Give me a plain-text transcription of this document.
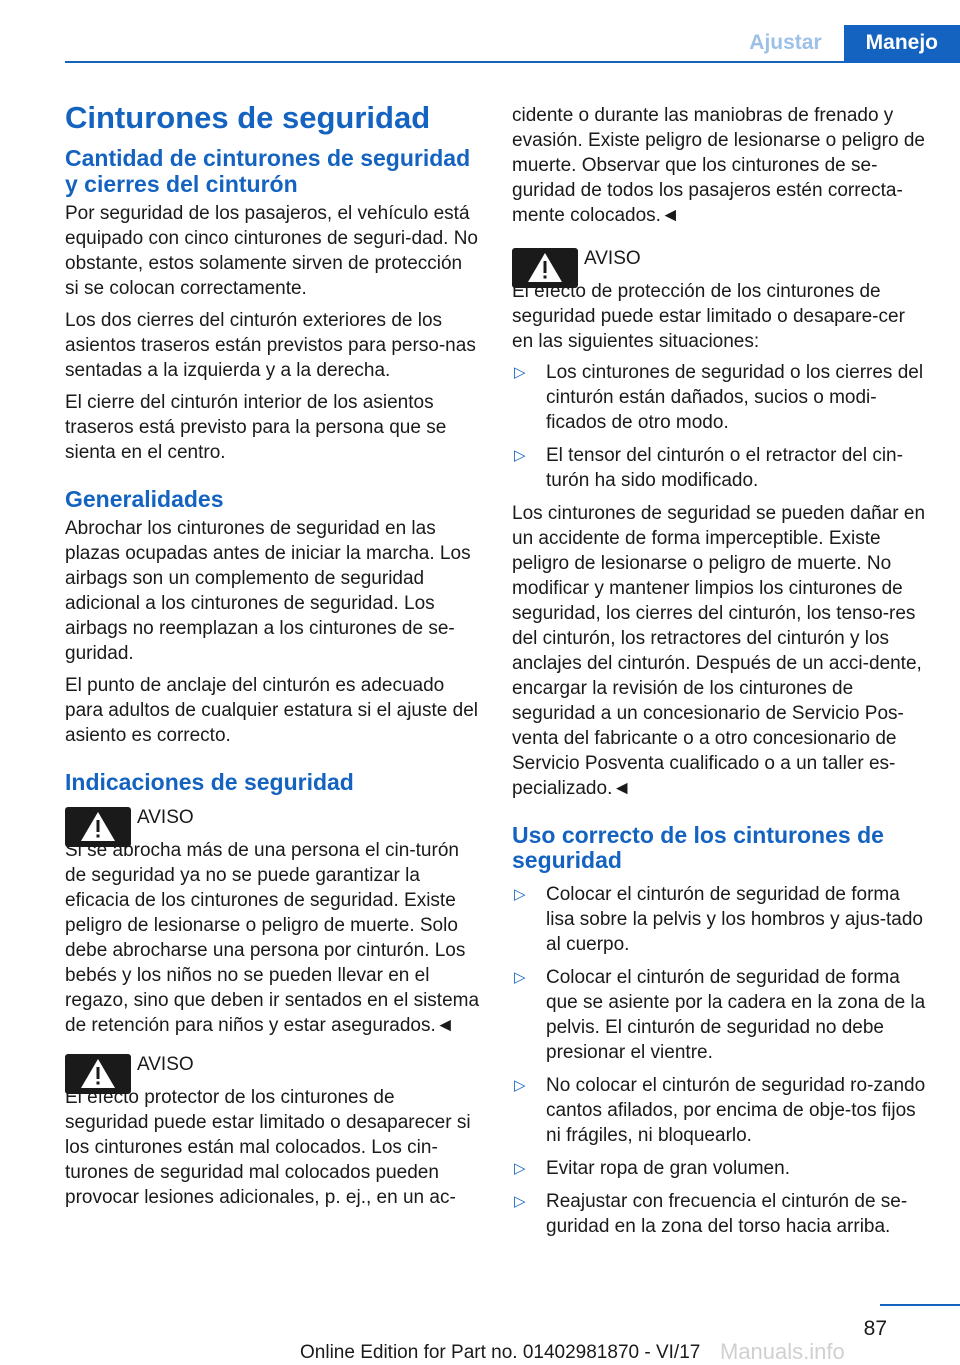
Ajustar	Manejo
Cinturones de seguridad
Cantidad de cinturones de seguridad y cierres del cinturón

Por seguridad de los pasajeros, el vehículo está equipado con cinco cinturones de seguri‐dad. No obstante, estos solamente sirven de protección si se colocan correctamente.

Los dos cierres del cinturón exteriores de los asientos traseros están previstos para perso‐nas sentadas a la izquierda y a la derecha.

El cierre del cinturón interior de los asientos traseros está previsto para la persona que se sienta en el centro.

Generalidades

Abrochar los cinturones de seguridad en las plazas ocupadas antes de iniciar la marcha. Los airbags son un complemento de seguridad adicional a los cinturones de seguridad. Los airbags no reemplazan a los cinturones de se‐guridad.

El punto de anclaje del cinturón es adecuado para adultos de cualquier estatura si el ajuste del asiento es correcto.

Indicaciones de seguridad
AVISO

Si se abrocha más de una persona el cin‐turón de seguridad ya no se puede garantizar la eficacia de los cinturones de seguridad. Existe peligro de lesionarse o peligro de muerte. Solo debe abrocharse una persona por cinturón. Los bebés y los niños no se pueden llevar en el regazo, sino que deben ir sentados en el sistema de retención para niños y estar asegurados.◄

AVISO

El efecto protector de los cinturones de seguridad puede estar limitado o desaparecer si los cinturones están mal colocados. Los cin‐turones de seguridad mal colocados pueden provocar lesiones adicionales, p. ej., en un ac‐

cidente o durante las maniobras de frenado y evasión. Existe peligro de lesionarse o peligro de muerte. Observar que los cinturones de se‐guridad de todos los pasajeros estén correcta‐mente colocados.◄

AVISO

El efecto de protección de los cinturones de seguridad puede estar limitado o desapare‐cer en las siguientes situaciones:

▷ Los cinturones de seguridad o los cierres del cinturón están dañados, sucios o modi‐ficados de otro modo.
▷ El tensor del cinturón o el retractor del cin‐turón ha sido modificado.

Los cinturones de seguridad se pueden dañar en un accidente de forma imperceptible. Existe peligro de lesionarse o peligro de muerte. No modificar y mantener limpios los cinturones de seguridad, los cierres del cinturón, los tenso‐res del cinturón, los retractores del cinturón y los anclajes del cinturón. Después de un acci‐dente, encargar la revisión de los cinturones de seguridad a un concesionario de Servicio Pos‐venta del fabricante o a otro concesionario de Servicio Posventa cualificado o a un taller es‐pecializado.◄

Uso correcto de los cinturones de seguridad
▷ Colocar el cinturón de seguridad de forma lisa sobre la pelvis y los hombros y ajus‐tado al cuerpo.
▷ Colocar el cinturón de seguridad de forma que se asiente por la cadera en la zona de la pelvis. El cinturón de seguridad no debe presionar el vientre.
▷ No colocar el cinturón de seguridad ro‐zando cantos afilados, por encima de obje‐tos fijos ni frágiles, ni bloquearlo.
▷ Evitar ropa de gran volumen.
▷ Reajustar con frecuencia el cinturón de se‐guridad en la zona del torso hacia arriba.
87
Online Edition for Part no. 01402981870 - VI/17 Manuals.info
